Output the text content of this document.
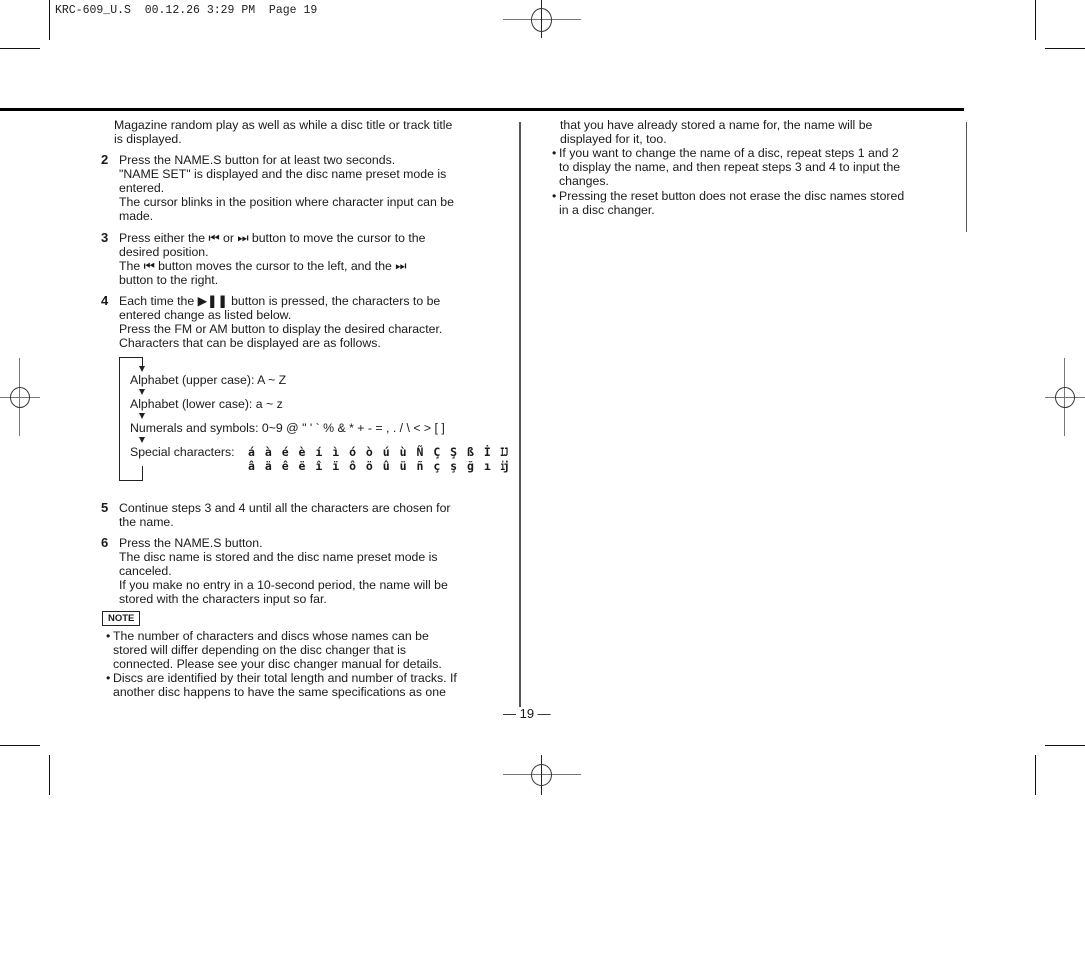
KRC-609_U.S  00.12.26 3:29 PM  Page 19
Magazine random play as well as while a disc title or track title
is displayed.
2 Press the NAME.S button for at least two seconds.
"NAME SET" is displayed and the disc name preset mode is
entered.
The cursor blinks in the position where character input can be
made.
3 Press either the ⏮ or ⏭ button to move the cursor to the
desired position.
The ⏮ button moves the cursor to the left, and the ⏭
button to the right.
4 Each time the ▶❚❚ button is pressed, the characters to be
entered change as listed below.
Press the FM or AM button to display the desired character.
Characters that can be displayed are as follows.
Alphabet (upper case): A ~ Z
Alphabet (lower case): a ~ z
Numerals and symbols: 0~9 @ " ' ` % & * + - = , . / \ < > [ ]
Special characters: á à é è í ì ó ò ú ù Ñ Ç Ş ß İ Ĳ
â ä ê ë î ï ô ö û ü ñ ç ş ğ ı ĳ
5 Continue steps 3 and 4 until all the characters are chosen for
the name.
6 Press the NAME.S button.
The disc name is stored and the disc name preset mode is
canceled.
If you make no entry in a 10-second period, the name will be
stored with the characters input so far.
NOTE
• The number of characters and discs whose names can be
stored will differ depending on the disc changer that is
connected. Please see your disc changer manual for details.
• Discs are identified by their total length and number of tracks. If
another disc happens to have the same specifications as one
that you have already stored a name for, the name will be
displayed for it, too.
• If you want to change the name of a disc, repeat steps 1 and 2
to display the name, and then repeat steps 3 and 4 to input the
changes.
• Pressing the reset button does not erase the disc names stored
in a disc changer.
— 19 —
